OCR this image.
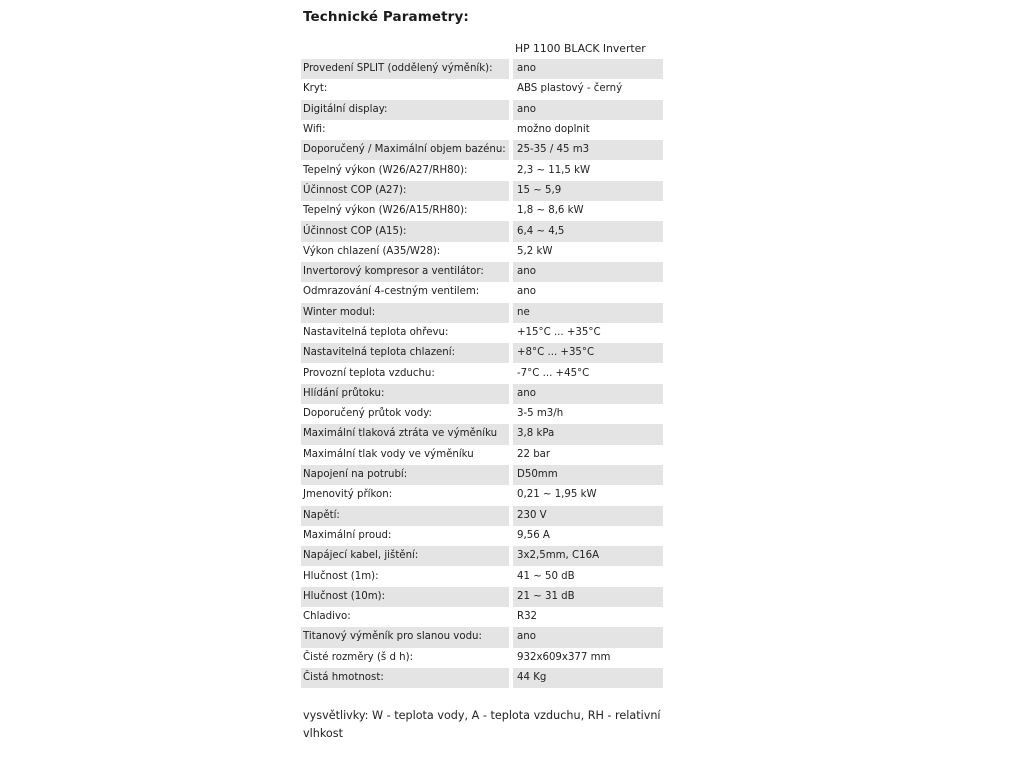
Technické Parametry:
	HP 1100 BLACK Inverter
Provedení SPLIT (oddělený výměník):	ano
Kryt:	ABS plastový - černý
Digitální display:	ano
Wifi:	možno doplnit
Doporučený / Maximální objem bazénu:	25-35 / 45 m3
Tepelný výkon (W26/A27/RH80):	2,3 ~ 11,5 kW
Účinnost COP (A27):	15 ~ 5,9
Tepelný výkon (W26/A15/RH80):	1,8 ~ 8,6 kW
Účinnost COP (A15):	6,4 ~ 4,5
Výkon chlazení (A35/W28):	5,2 kW
Invertorový kompresor a ventilátor:	ano
Odmrazování 4-cestným ventilem:	ano
Winter modul:	ne
Nastavitelná teplota ohřevu:	+15°C ... +35°C
Nastavitelná teplota chlazení:	+8°C ... +35°C
Provozní teplota vzduchu:	-7°C ... +45°C
Hlídání průtoku:	ano
Doporučený průtok vody:	3-5 m3/h
Maximální tlaková ztráta ve výměníku	3,8 kPa
Maximální tlak vody ve výměníku	22 bar
Napojení na potrubí:	D50mm
Jmenovitý příkon:	0,21 ~ 1,95 kW
Napětí:	230 V
Maximální proud:	9,56 A
Napájecí kabel, jištění:	3x2,5mm, C16A
Hlučnost (1m):	41 ~ 50 dB
Hlučnost (10m):	21 ~ 31 dB
Chladivo:	R32
Titanový výměník pro slanou vodu:	ano
Čisté rozměry (š d h):	932x609x377 mm
Čistá hmotnost:	44 Kg

vysvětlivky: W - teplota vody, A - teplota vzduchu, RH - relativní vlhkost
